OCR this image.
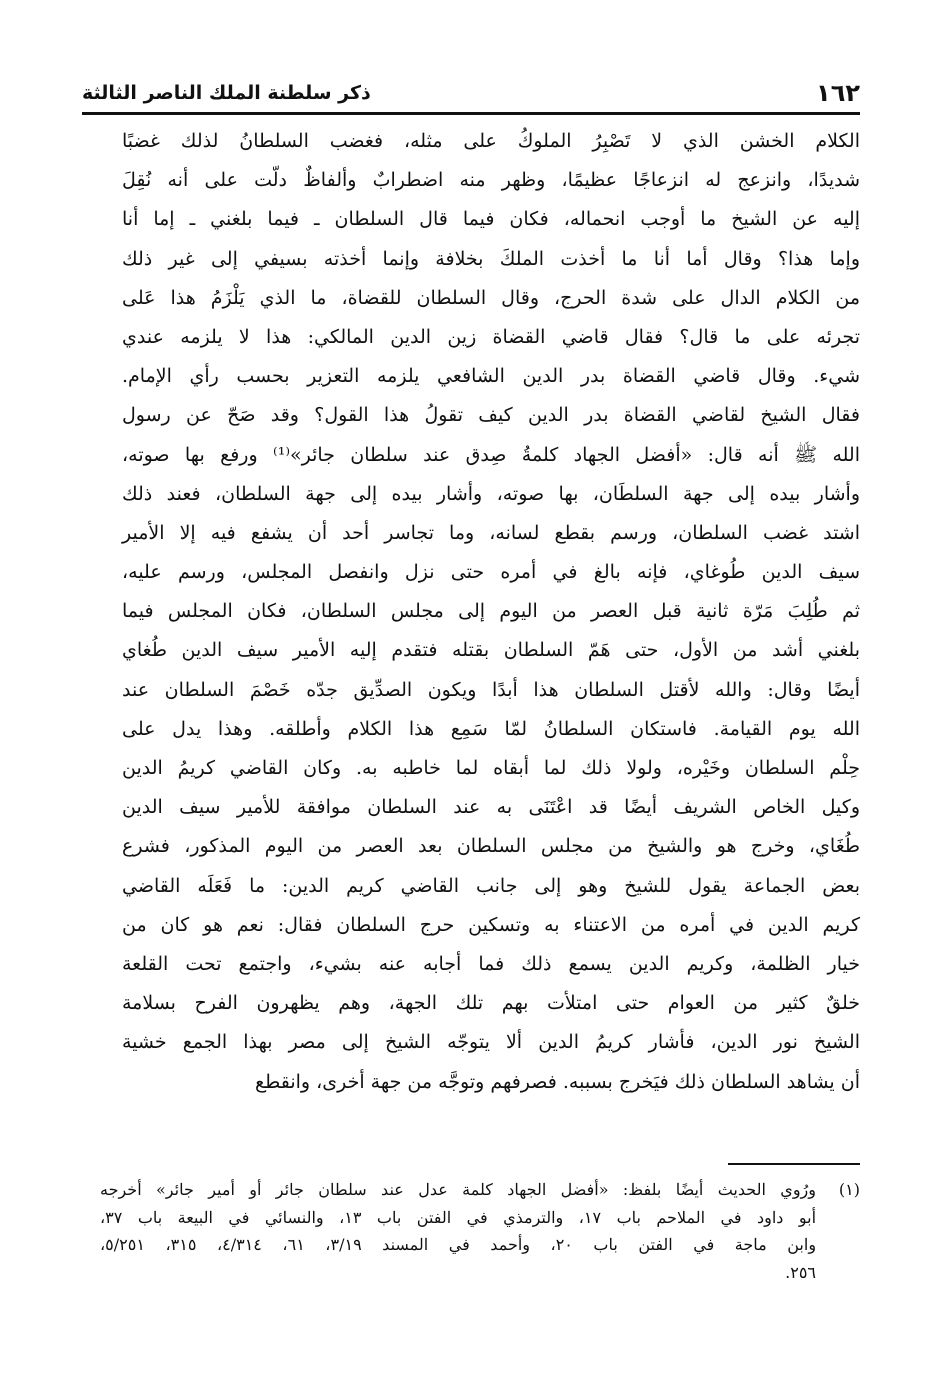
١٦٢
ذكر سلطنة الملك الناصر الثالثة
الكلام الخشن الذي لا تَصْبِرُ الملوكُ على مثله، فغضب السلطانُ لذلك غضبًا
شديدًا، وانزعج له انزعاجًا عظيمًا، وظهر منه اضطرابٌ وألفاظٌ دلّت على أنه نُقِلَ
إليه عن الشيخ ما أوجب انحماله، فكان فيما قال السلطان ـ فيما بلغني ـ إما أنا
وإما هذا؟ وقال أما أنا ما أخذت الملكَ بخلافة وإنما أخذته بسيفي إلى غير ذلك
من الكلام الدال على شدة الحرج، وقال السلطان للقضاة، ما الذي يَلْزَمُ هذا عَلى
تجرئه على ما قال؟ فقال قاضي القضاة زين الدين المالكي: هذا لا يلزمه عندي
شيء. وقال قاضي القضاة بدر الدين الشافعي يلزمه التعزير بحسب رأي الإمام.
فقال الشيخ لقاضي القضاة بدر الدين كيف تقولُ هذا القول؟ وقد صَحّ عن رسول
الله ﷺ أنه قال: «أفضل الجهاد كلمةُ صِدق عند سلطان جائر»⁽¹⁾ ورفع بها صوته،
وأشار بيده إلى جهة السلطَان، بها صوته، وأشار بيده إلى جهة السلطان، فعند ذلك
اشتد غضب السلطان، ورسم بقطع لسانه، وما تجاسر أحد أن يشفع فيه إلا الأمير
سيف الدين طُوغاي، فإنه بالغ في أمره حتى نزل وانفصل المجلس، ورسم عليه،
ثم طُلِبَ مَرّة ثانية قبل العصر من اليوم إلى مجلس السلطان، فكان المجلس فيما
بلغني أشد من الأول، حتى هَمّ السلطان بقتله فتقدم إليه الأمير سيف الدين طُغاي
أيضًا وقال: والله لأقتل السلطان هذا أبدًا ويكون الصدِّيق جدّه خَصْمَ السلطان عند
الله يوم القيامة. فاستكان السلطانُ لمّا سَمِع هذا الكلام وأطلقه. وهذا يدل على
حِلْم السلطان وخَيْره، ولولا ذلك لما أبقاه لما خاطبه به. وكان القاضي كريمُ الدين
وكيل الخاص الشريف أيضًا قد اعْتَنَى به عند السلطان موافقة للأمير سيف الدين
طُغَاي، وخرج هو والشيخ من مجلس السلطان بعد العصر من اليوم المذكور، فشرع
بعض الجماعة يقول للشيخ وهو إلى جانب القاضي كريم الدين: ما فَعَلَه القاضي
كريم الدين في أمره من الاعتناء به وتسكين حرج السلطان فقال: نعم هو كان من
خيار الظلمة، وكريم الدين يسمع ذلك فما أجابه عنه بشيء، واجتمع تحت القلعة
خلقٌ كثير من العوام حتى امتلأت بهم تلك الجهة، وهم يظهرون الفرح بسلامة
الشيخ نور الدين، فأشار كريمُ الدين ألا يتوجّه الشيخ إلى مصر بهذا الجمع خشية
أن يشاهد السلطان ذلك فيَخرج بسببه. فصرفهم وتوجَّه من جهة أخرى، وانقطع
(١)
ورُوي الحديث أيضًا بلفظ: «أفضل الجهاد كلمة عدل عند سلطان جائر أو أمير جائر» أخرجه
أبو داود في الملاحم باب ١٧، والترمذي في الفتن باب ١٣، والنسائي في البيعة باب ٣٧،
وابن ماجة في الفتن باب ٢٠، وأحمد في المسند ٣/١٩، ٦١، ٤/٣١٤، ٣١٥، ٥/٢٥١،
٢٥٦.
